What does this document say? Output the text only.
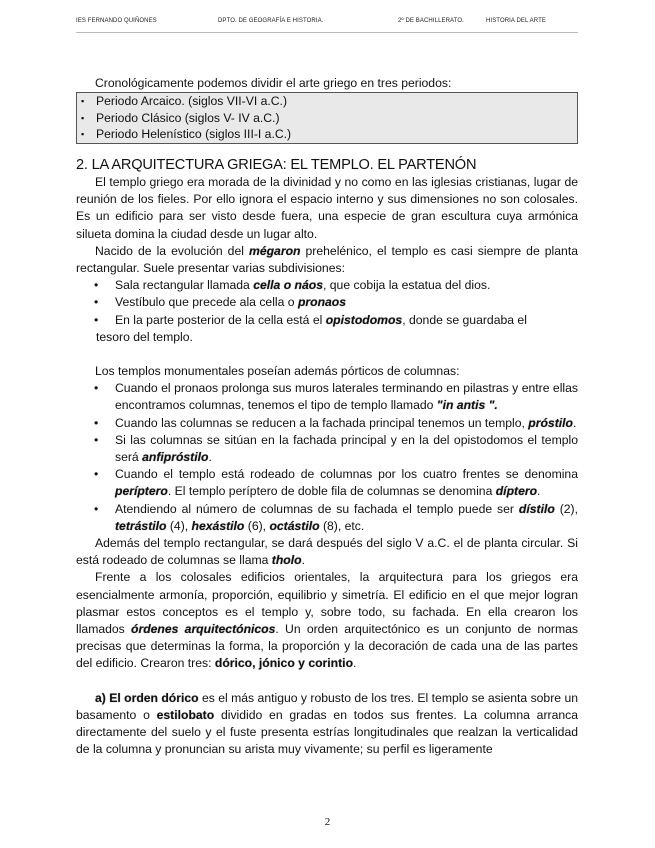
IES FERNANDO QUIÑONES	DPTO. DE GEOGRAFÍA E HISTORIA.	2º DE BACHILLERATO.	HISTORIA DEL ARTE

Cronológicamente podemos dividir el arte griego en tres periodos:

▪ Periodo Arcaico. (siglos VII-VI a.C.)
▪ Periodo Clásico (siglos V- IV a.C.)
▪ Periodo Helenístico (siglos III-I a.C.)
2. LA ARQUITECTURA GRIEGA: EL TEMPLO. EL PARTENÓN

El templo griego era morada de la divinidad y no como en las iglesias cristianas, lugar de reunión de los fieles. Por ello ignora el espacio interno y sus dimensiones no son colosales. Es un edificio para ser visto desde fuera, una especie de gran escultura cuya armónica silueta domina la ciudad desde un lugar alto.

Nacido de la evolución del mégaron prehelénico, el templo es casi siempre de planta rectangular. Suele presentar varias subdivisiones:

• Sala rectangular llamada cella o náos, que cobija la estatua del dios.
• Vestíbulo que precede ala cella o pronaos
• En la parte posterior de la cella está el opistodomos, donde se guardaba el
tesoro del templo.

Los templos monumentales poseían además pórticos de columnas:

• Cuando el pronaos prolonga sus muros laterales terminando en pilastras y entre ellas encontramos columnas, tenemos el tipo de templo llamado "in antis ".
• Cuando las columnas se reducen a la fachada principal tenemos un templo, próstilo.
• Si las columnas se sitúan en la fachada principal y en la del opistodomos el templo será anfipróstilo.
• Cuando el templo está rodeado de columnas por los cuatro frentes se denomina períptero. El templo períptero de doble fila de columnas se denomina díptero.
• Atendiendo al número de columnas de su fachada el templo puede ser dístilo (2), tetrástilo (4), hexástilo (6), octástilo (8), etc.

Además del templo rectangular, se dará después del siglo V a.C. el de planta circular. Si está rodeado de columnas se llama tholo.

Frente a los colosales edificios orientales, la arquitectura para los griegos era esencialmente armonía, proporción, equilibrio y simetría. El edificio en el que mejor logran plasmar estos conceptos es el templo y, sobre todo, su fachada. En ella crearon los llamados órdenes arquitectónicos. Un orden arquitectónico es un conjunto de normas precisas que determinas la forma, la proporción y la decoración de cada una de las partes del edificio. Crearon tres: dórico, jónico y corintio.

a) El orden dórico es el más antiguo y robusto de los tres. El templo se asienta sobre un basamento o estilobato dividido en gradas en todos sus frentes. La columna arranca directamente del suelo y el fuste presenta estrías longitudinales que realzan la verticalidad de la columna y pronuncian su arista muy vivamente; su perfil es ligeramente

2
